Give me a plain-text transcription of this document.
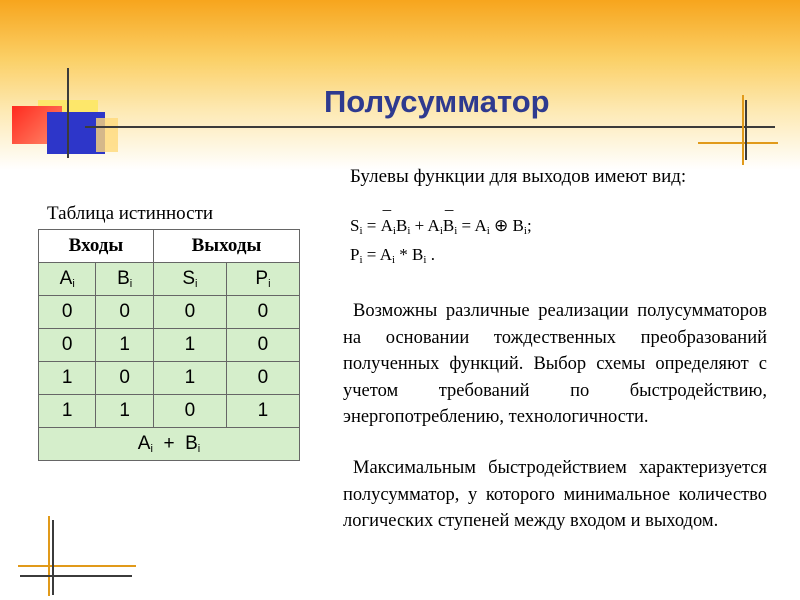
Полусумматор
Булевы функции для выходов имеют вид:
$S_i$ = _ $A_iB_i$ + $A_i\_$ $B_i = A_i$ ⊕ $B_i$;
$P_i = A_i * B_i$ .
Таблица истинности
Входы		Выходы	
$A_i$	$B_i$	$S_i$	$P_i$
0	0	0	0
0	1	1	0
1	0	1	0
1	1	0	1
$A_i + B_i$
Возможны различные реализации полусумматоров на основании тождественных преобразований полученных функций. Выбор схемы определяют с учетом требований по быстродействию, энергопотреблению, технологичности.
Максимальным быстродействием характеризуется полусумматор, у которого минимальное количество логических ступеней между входом и выходом.
